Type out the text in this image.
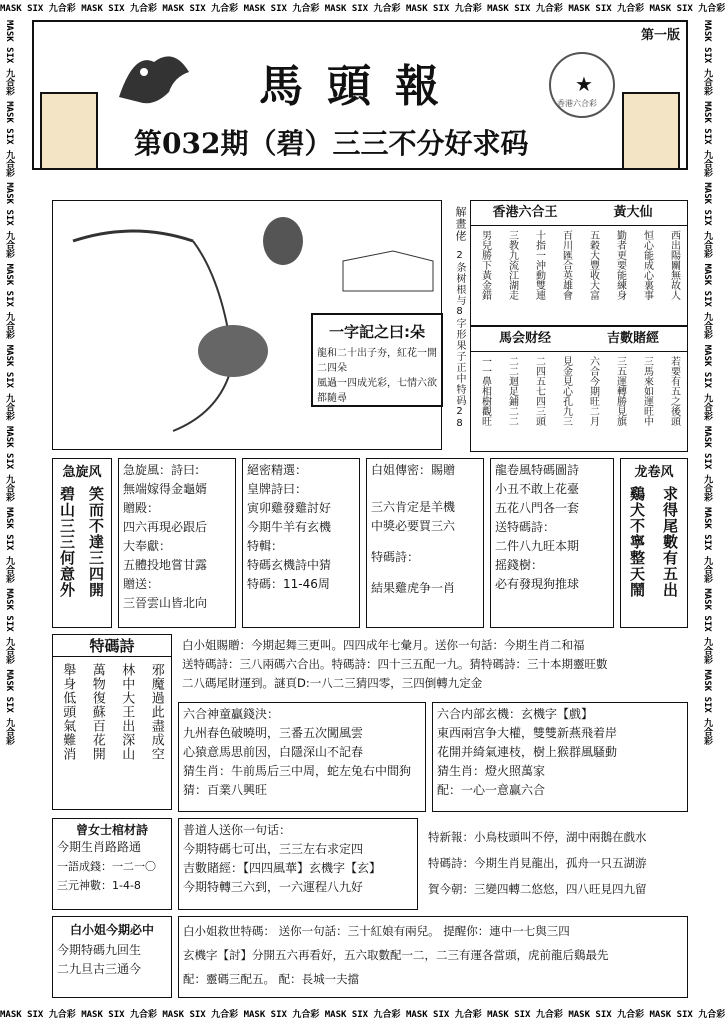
MASK SIX 九合彩 MASK SIX 九合彩 MASK SIX 九合彩 MASK SIX 九合彩 MASK SIX 九合彩 MASK SIX 九合彩 MASK SIX 九合彩 MASK SIX 九合彩 MASK SIX 九合彩
MASK SIX 九合彩 MASK SIX 九合彩 MASK SIX 九合彩 MASK SIX 九合彩 MASK SIX 九合彩 MASK SIX 九合彩 MASK SIX 九合彩 MASK SIX 九合彩 MASK SIX 九合彩
MASK SIX 九合彩 MASK SIX 九合彩 MASK SIX 九合彩 MASK SIX 九合彩 MASK SIX 九合彩 MASK SIX 九合彩 MASK SIX 九合彩 MASK SIX 九合彩 MASK SIX 九合彩
MASK SIX 九合彩 MASK SIX 九合彩 MASK SIX 九合彩 MASK SIX 九合彩 MASK SIX 九合彩 MASK SIX 九合彩 MASK SIX 九合彩 MASK SIX 九合彩 MASK SIX 九合彩
第一版
馬頭報	★
香港六合彩
第032期（碧）三三不分好求码
一字記之曰:朵
龍和二十出子夯，紅花一開二四朵
風過一四成光彩，七情六欲都隨尋
解畫佬
2条树根与8字形果子正中特码28
香港六合王	黃大仙
男兒勝下黃金錯 三教九流江湖走 十指一沖動雙連 百川匯合英雄會 五穀大豐收大富 勤者更要能練身 恒心能成心裏事 西出陽關無故人
馬会财经	吉數賭經
一一鼻相樹觀旺 二二迴足鋪二二 二四五七四三頭 見金見心孔九三 六合今期旺二月 三五運轉勝見旗 三馬來如運旺中 若要有五之後頭
急旋风
碧山三三何意外 笑而不達三四開
急旋風：詩曰:
無端嫁得金龜婿
贈殿：
四六再現必跟后
大奉獻：
五體投地嘗甘露
贈送：
三晉雲山皆北向
絕密精選：
皇牌詩曰：
寅卯雞發雞討好
今期牛羊有玄機
特輯：
特碼玄機詩中猜
特碼：11-46周
白姐傳密：賜贈
三六肯定是羊機
中獎必要買三六
特碼詩：
結果雞虎争一肖
龍卷風特碼圖詩
小丑不敢上花臺
五花八門各一套
送特碼詩：
二件八九旺本期
摇錢樹：
必有發現狗推球
龙卷风
鷄犬不寧整天鬧 求得尾數有五出
特碼詩
舉身低頭氣難消 萬物復蘇百花開 林中大王出深山 邪魔過此盡成空
白小姐賜贈：今期起舞三更叫。四四成年七彙月。送你一句話：今期生肖二和福
送特碼詩：三八兩碼六合出。特碼詩：四十三五配一九。猜特碼詩：三十本期靈旺數
二八碼尾財運到。謎頁D:一八二三猜四零，三四倒轉九定金
六合神童贏錢決：
九州春色破曉明，三番五次闖風雲
心猿意馬思前因，白隱深山不記春
猜生肖：牛前馬后三中周，蛇左兔右中間狗
猜：百業八興旺
六合内部玄機：玄機字【戲】
東西兩宫争大權，雙雙新燕飛着岸
花開并綺氣連枝，樹上猴群風騷動
猜生肖：燈火照萬家
配：一心一意赢六合
曾女士棺材詩
今期生肖路路通
一語成錢：一二一〇
三元神數：1-4-8
普道人送你一句话：
今期特碼七可出，三三左右求定四
吉數賭經：【四四風華】玄機字【玄】
今期特轉三六到，一六運程八九好
特新報：小鳥枝頭叫不停，湖中兩鵝在戲水
特碼詩：今期生肖見龍出，孤舟一只五湖游
賀今朝：三變四轉二悠悠，四八旺見四九留
白小姐今期必中
今期特碼九回生
二九旦古三通今
白小姐救世特碼： 送你一句話：三十紅娘有兩兒。 提醒你：連中一七與三四
玄機字【討】分開五六再看好，五六取數配一二，二三有運各當頭，虎前龍后鷄最先
配：靈碼三配五。 配：長城一夫擋
